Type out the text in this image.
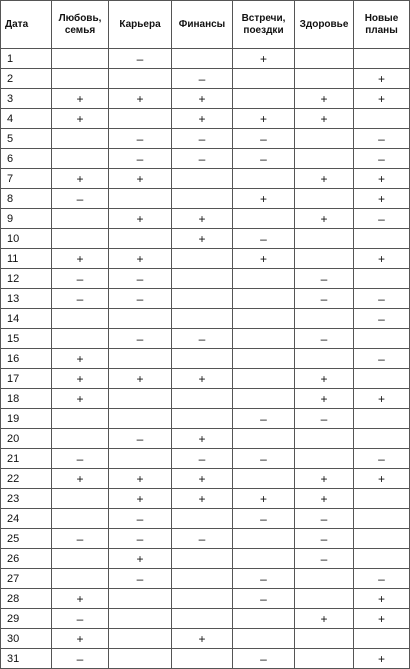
Дата	Любовь, семья	Карьера	Финансы	Встречи, поездки	Здоровье	Новые планы
1		–		+		
2			–			+
3	+	+	+		+	+
4	+		+	+	+	
5		–	–	–		–
6		–	–	–		–
7	+	+			+	+
8	–			+		+
9		+	+		+	–
10			+	–		
11	+	+		+		+
12	–	–			–	
13	–	–			–	–
14						–
15		–	–		–	
16	+					–
17	+	+	+		+	
18	+				+	+
19				–	–	
20		–	+			
21	–		–	–		–
22	+	+	+		+	+
23		+	+	+	+	
24		–		–	–	
25	–	–	–		–	
26		+			–	
27		–		–		–
28	+			–		+
29	–				+	+
30	+		+			
31	–			–		+
